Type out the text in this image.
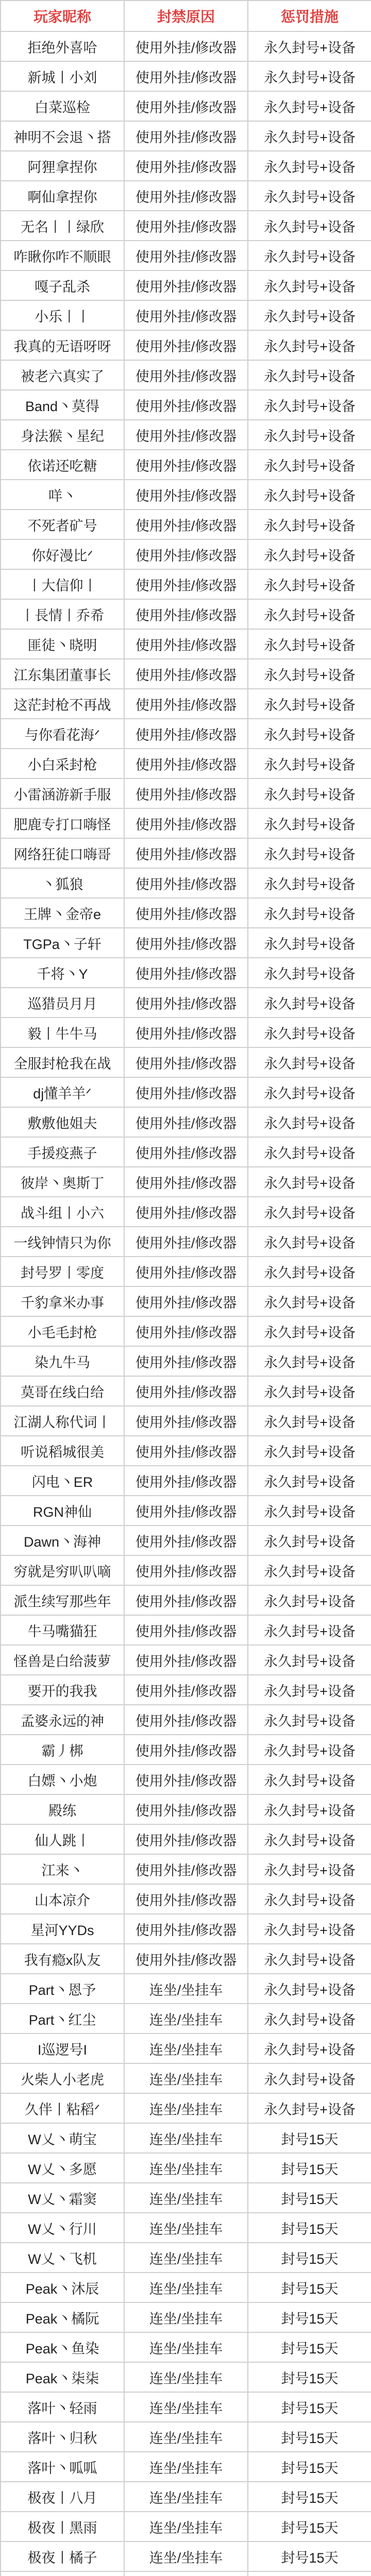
玩家昵称	封禁原因	惩罚措施
拒绝外喜哈	使用外挂/修改器	永久封号+设备
新城丨小刘	使用外挂/修改器	永久封号+设备
白菜巡检	使用外挂/修改器	永久封号+设备
神明不会退丶搭	使用外挂/修改器	永久封号+设备
阿狸拿捏你	使用外挂/修改器	永久封号+设备
啊仙拿捏你	使用外挂/修改器	永久封号+设备
无名丨丨绿欣	使用外挂/修改器	永久封号+设备
咋瞅你咋不顺眼	使用外挂/修改器	永久封号+设备
嘎子乱杀	使用外挂/修改器	永久封号+设备
小乐丨丨	使用外挂/修改器	永久封号+设备
我真的无语呀呀	使用外挂/修改器	永久封号+设备
被老六真实了	使用外挂/修改器	永久封号+设备
Band丶莫得	使用外挂/修改器	永久封号+设备
身法猴丶星纪	使用外挂/修改器	永久封号+设备
依诺还吃糖	使用外挂/修改器	永久封号+设备
咩丶	使用外挂/修改器	永久封号+设备
不死者矿号	使用外挂/修改器	永久封号+设备
你好漫比ᐟ	使用外挂/修改器	永久封号+设备
丨大信仰丨	使用外挂/修改器	永久封号+设备
丨長情丨乔希	使用外挂/修改器	永久封号+设备
匪徒丶晓明	使用外挂/修改器	永久封号+设备
江东集团董事长	使用外挂/修改器	永久封号+设备
这茫封枪不再战	使用外挂/修改器	永久封号+设备
与你看花海ᐟ	使用外挂/修改器	永久封号+设备
小白采封枪	使用外挂/修改器	永久封号+设备
小雷涵游新手服	使用外挂/修改器	永久封号+设备
肥鹿专打口嗨怪	使用外挂/修改器	永久封号+设备
网络狂徒口嗨哥	使用外挂/修改器	永久封号+设备
丶狐狼	使用外挂/修改器	永久封号+设备
王牌丶金帝e	使用外挂/修改器	永久封号+设备
TGPa丶子轩	使用外挂/修改器	永久封号+设备
千将丶Y	使用外挂/修改器	永久封号+设备
巡猎员月月	使用外挂/修改器	永久封号+设备
毅丨牛牛马	使用外挂/修改器	永久封号+设备
全服封枪我在战	使用外挂/修改器	永久封号+设备
dj懂羊羊ᐟ	使用外挂/修改器	永久封号+设备
敷敷他姐夫	使用外挂/修改器	永久封号+设备
手援疫燕子	使用外挂/修改器	永久封号+设备
彼岸丶奥斯丁	使用外挂/修改器	永久封号+设备
战斗组丨小六	使用外挂/修改器	永久封号+设备
一线钟情只为你	使用外挂/修改器	永久封号+设备
封号罗丨零度	使用外挂/修改器	永久封号+设备
千豹拿米办事	使用外挂/修改器	永久封号+设备
小毛毛封枪	使用外挂/修改器	永久封号+设备
染九牛马	使用外挂/修改器	永久封号+设备
莫哥在线白给	使用外挂/修改器	永久封号+设备
江湖人称代词丨	使用外挂/修改器	永久封号+设备
听说稻城很美	使用外挂/修改器	永久封号+设备
闪电丶ER	使用外挂/修改器	永久封号+设备
RGN神仙	使用外挂/修改器	永久封号+设备
Dawn丶海神	使用外挂/修改器	永久封号+设备
穷就是穷叭叭嘀	使用外挂/修改器	永久封号+设备
派生续写那些年	使用外挂/修改器	永久封号+设备
牛马嘴猫狂	使用外挂/修改器	永久封号+设备
怪兽是白给菠萝	使用外挂/修改器	永久封号+设备
要开的我我	使用外挂/修改器	永久封号+设备
孟婆永远的神	使用外挂/修改器	永久封号+设备
霸丿梆	使用外挂/修改器	永久封号+设备
白嫖丶小炮	使用外挂/修改器	永久封号+设备
殿练	使用外挂/修改器	永久封号+设备
仙人跳丨	使用外挂/修改器	永久封号+设备
江来丶	使用外挂/修改器	永久封号+设备
山本凉介	使用外挂/修改器	永久封号+设备
星河YYDs	使用外挂/修改器	永久封号+设备
我有瘾x队友	使用外挂/修改器	永久封号+设备
Part丶恩予	连坐/坐挂车	永久封号+设备
Part丶红尘	连坐/坐挂车	永久封号+设备
I巡逻号I	连坐/坐挂车	永久封号+设备
火柴人小老虎	连坐/坐挂车	永久封号+设备
久伴丨粘稻ᐟ	连坐/坐挂车	永久封号+设备
W乂丶萌宝	连坐/坐挂车	封号15天
W乂丶多愿	连坐/坐挂车	封号15天
W乂丶霜窦	连坐/坐挂车	封号15天
W乂丶行川	连坐/坐挂车	封号15天
W乂丶飞机	连坐/坐挂车	封号15天
Peak丶沐辰	连坐/坐挂车	封号15天
Peak丶橘阮	连坐/坐挂车	封号15天
Peak丶鱼染	连坐/坐挂车	封号15天
Peak丶柒柒	连坐/坐挂车	封号15天
落叶丶轻雨	连坐/坐挂车	封号15天
落叶丶归秋	连坐/坐挂车	封号15天
落叶丶呱呱	连坐/坐挂车	封号15天
极夜丨八月	连坐/坐挂车	封号15天
极夜丨黑雨	连坐/坐挂车	封号15天
极夜丨橘子	连坐/坐挂车	封号15天
